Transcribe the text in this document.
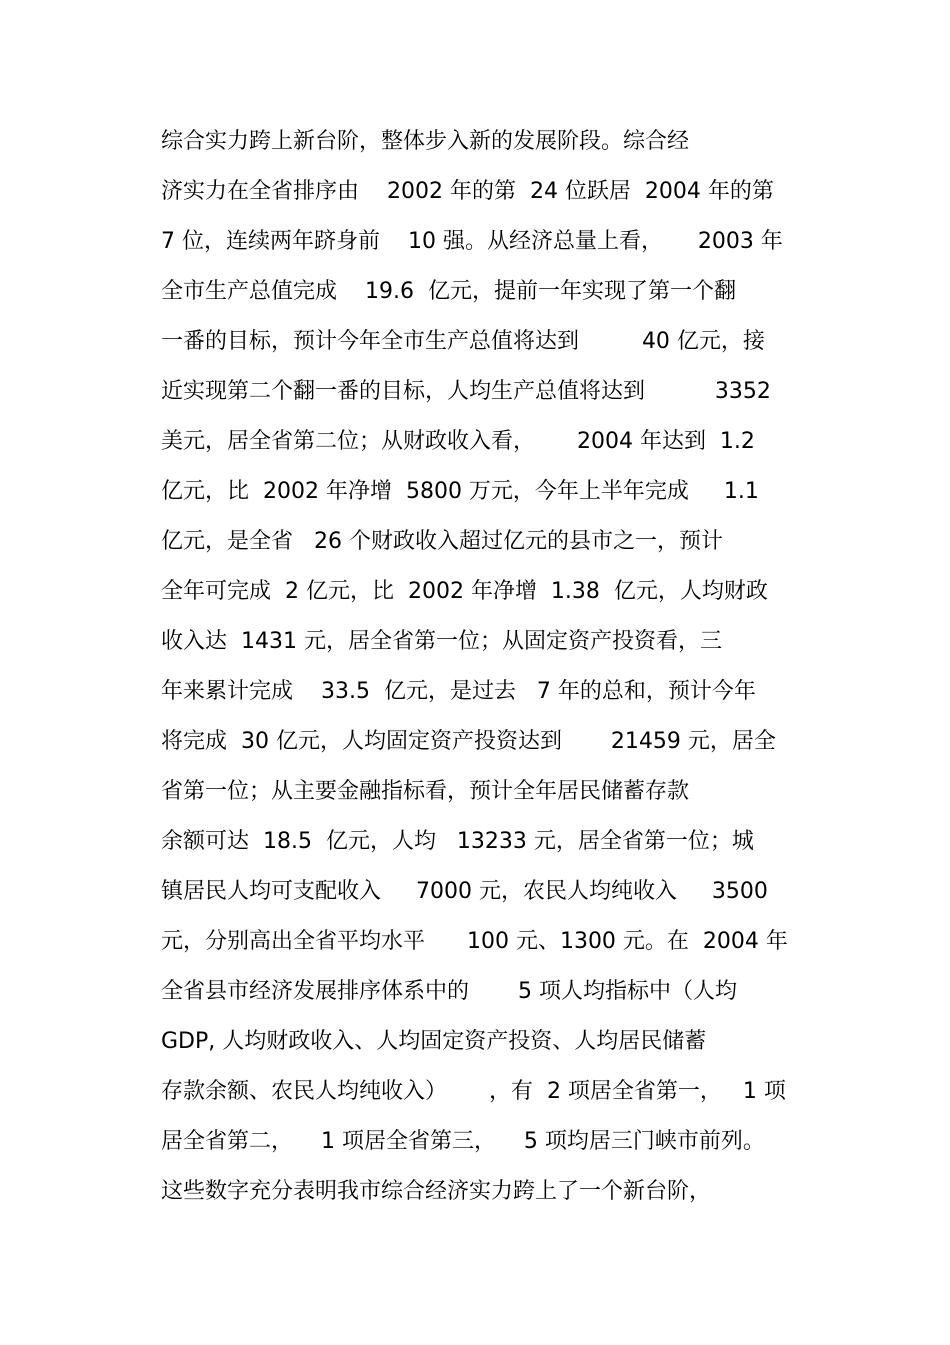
综合实力跨上新台阶，整体步入新的发展阶段。综合经
济实力在全省排序由    2002 年的第  24 位跃居  2004 年的第
7 位，连续两年跻身前    10 强。从经济总量上看，     2003 年
全市生产总值完成    19.6  亿元，提前一年实现了第一个翻
一番的目标，预计今年全市生产总值将达到         40 亿元，接
近实现第二个翻一番的目标，人均生产总值将达到          3352
美元，居全省第二位；从财政收入看，      2004 年达到  1.2
亿元，比  2002 年净增  5800 万元，今年上半年完成     1.1
亿元，是全省   26 个财政收入超过亿元的县市之一，预计
全年可完成  2 亿元，比  2002 年净增  1.38  亿元，人均财政
收入达  1431 元，居全省第一位；从固定资产投资看，三
年来累计完成    33.5  亿元，是过去   7 年的总和，预计今年
将完成  30 亿元，人均固定资产投资达到       21459 元，居全
省第一位；从主要金融指标看，预计全年居民储蓄存款
余额可达  18.5  亿元，人均   13233 元，居全省第一位；城
镇居民人均可支配收入     7000 元，农民人均纯收入     3500
元，分别高出全省平均水平      100 元、1300 元。在  2004 年
全省县市经济发展排序体系中的       5 项人均指标中（人均
GDP, 人均财政收入、人均固定资产投资、人均居民储蓄
存款余额、农民人均纯收入）      ，有  2 项居全省第一，   1 项
居全省第二，    1 项居全省第三，    5 项均居三门峡市前列。
这些数字充分表明我市综合经济实力跨上了一个新台阶，
